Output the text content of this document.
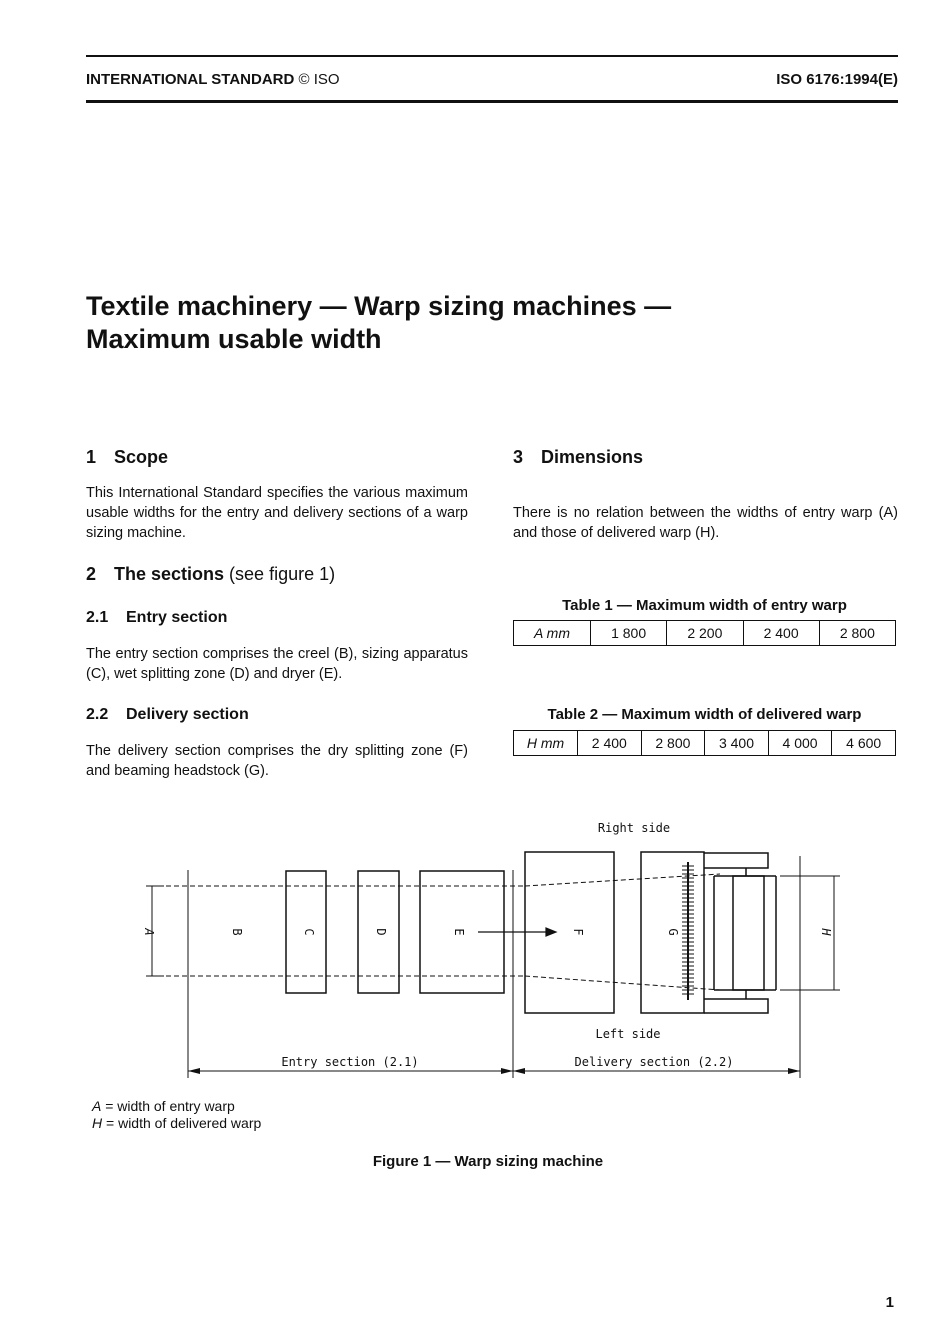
INTERNATIONAL STANDARD © ISO	ISO 6176:1994(E)
Textile machinery — Warp sizing machines —
Maximum usable width
1 Scope
This International Standard specifies the various maximum usable widths for the entry and delivery sections of a warp sizing machine.
2 The sections (see figure 1)
2.1 Entry section
The entry section comprises the creel (B), sizing apparatus (C), wet splitting zone (D) and dryer (E).
2.2 Delivery section
The delivery section comprises the dry splitting zone (F) and beaming headstock (G).
3 Dimensions
There is no relation between the widths of entry warp (A) and those of delivered warp (H).
Table 1 — Maximum width of entry warp
A mm	1 800	2 200	2 400	2 800
Table 2 — Maximum width of delivered warp
H mm	2 400	2 800	3 400	4 000	4 600
A	B	C	D	E	F	G	H
Right side
Left side
Entry section (2.1)	Delivery section (2.2)
A = width of entry warp
H = width of delivered warp
Figure 1 — Warp sizing machine
1
